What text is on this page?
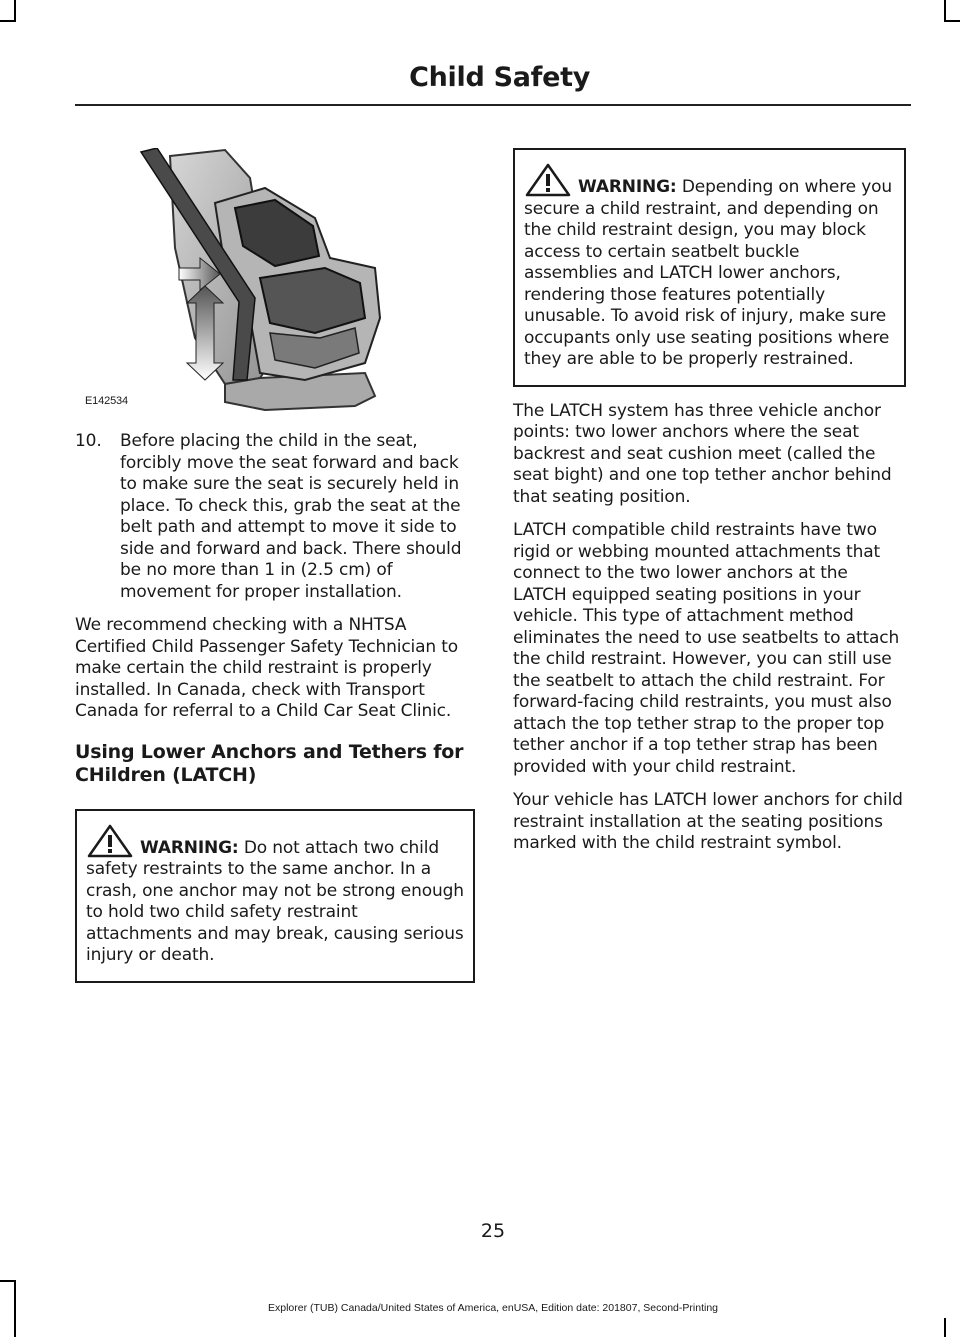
Child Safety
E142534
10.	Before placing the child in the seat, forcibly move the seat forward and back to make sure the seat is securely held in place. To check this, grab the seat at the belt path and attempt to move it side to side and forward and back. There should be no more than 1 in (2.5 cm) of movement for proper installation.

We recommend checking with a NHTSA Certified Child Passenger Safety Technician to make certain the child restraint is properly installed. In Canada, check with Transport Canada for referral to a Child Car Seat Clinic.

Using Lower Anchors and Tethers for CHildren (LATCH)

WARNING: Do not attach two child safety restraints to the same anchor. In a crash, one anchor may not be strong enough to hold two child safety restraint attachments and may break, causing serious injury or death.

WARNING: Depending on where you secure a child restraint, and depending on the child restraint design, you may block access to certain seatbelt buckle assemblies and LATCH lower anchors, rendering those features potentially unusable. To avoid risk of injury, make sure occupants only use seating positions where they are able to be properly restrained.

The LATCH system has three vehicle anchor points: two lower anchors where the seat backrest and seat cushion meet (called the seat bight) and one top tether anchor behind that seating position.

LATCH compatible child restraints have two rigid or webbing mounted attachments that connect to the two lower anchors at the LATCH equipped seating positions in your vehicle. This type of attachment method eliminates the need to use seatbelts to attach the child restraint. However, you can still use the seatbelt to attach the child restraint. For forward-facing child restraints, you must also attach the top tether strap to the proper top tether anchor if a top tether strap has been provided with your child restraint.

Your vehicle has LATCH lower anchors for child restraint installation at the seating positions marked with the child restraint symbol.

25
Explorer (TUB) Canada/United States of America, enUSA, Edition date: 201807, Second-Printing
